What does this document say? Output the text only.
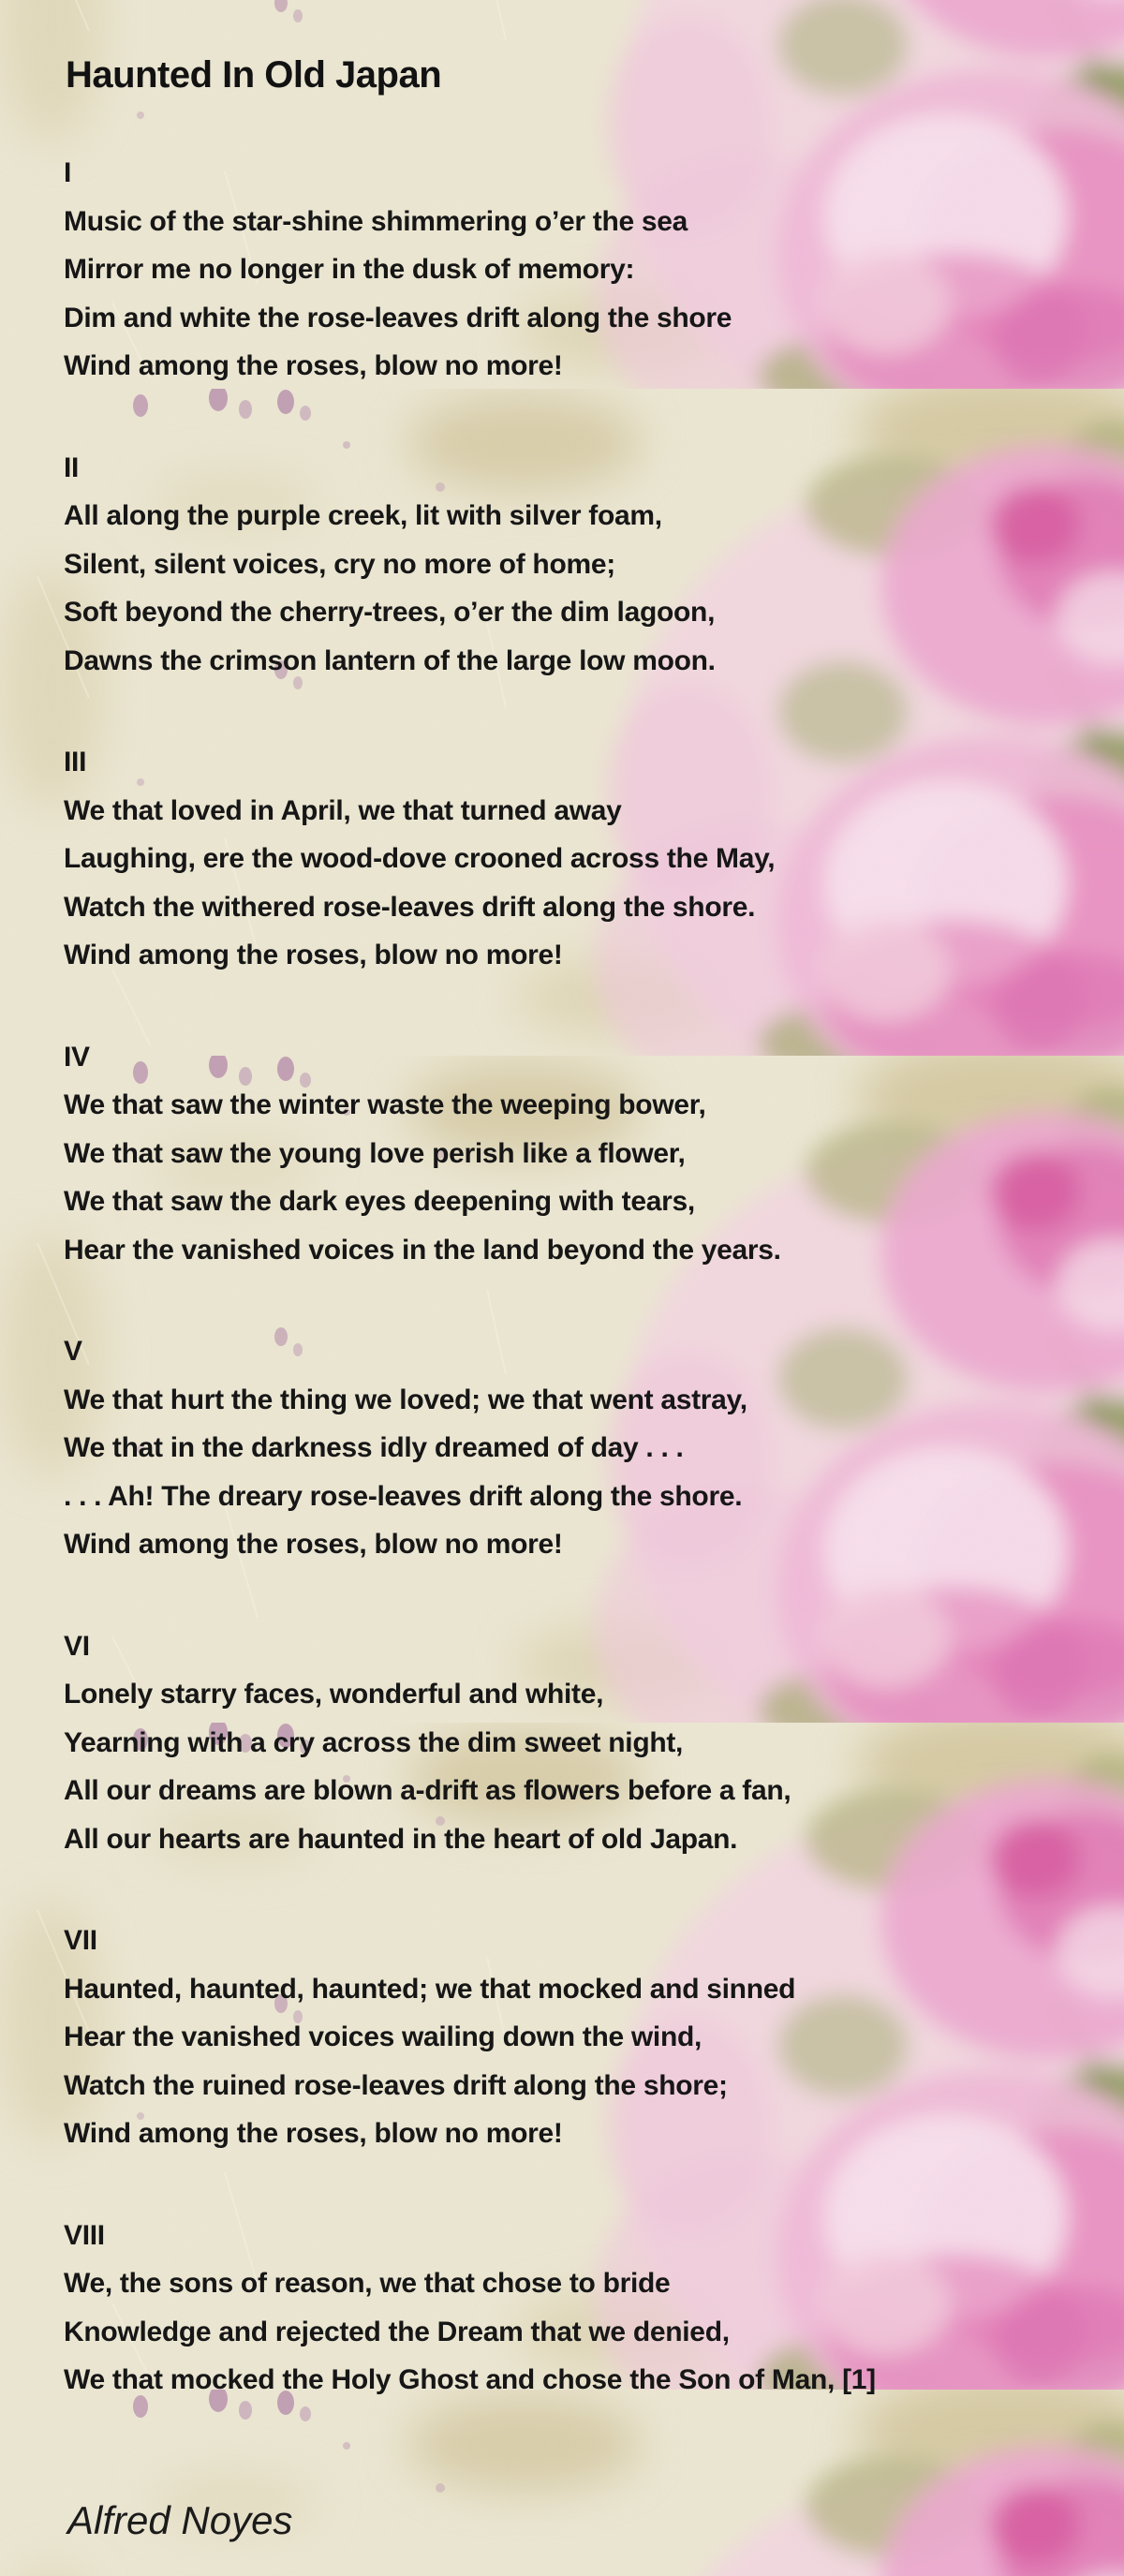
Haunted In Old Japan
I
Music of the star-shine shimmering o’er the sea
Mirror me no longer in the dusk of memory:
Dim and white the rose-leaves drift along the shore
Wind among the roses, blow no more!
II
All along the purple creek, lit with silver foam,
Silent, silent voices, cry no more of home;
Soft beyond the cherry-trees, o’er the dim lagoon,
Dawns the crimson lantern of the large low moon.
III
We that loved in April, we that turned away
Laughing, ere the wood-dove crooned across the May,
Watch the withered rose-leaves drift along the shore.
Wind among the roses, blow no more!
IV
We that saw the winter waste the weeping bower,
We that saw the young love perish like a flower,
We that saw the dark eyes deepening with tears,
Hear the vanished voices in the land beyond the years.
V
We that hurt the thing we loved; we that went astray,
We that in the darkness idly dreamed of day . . .
. . . Ah! The dreary rose-leaves drift along the shore.
Wind among the roses, blow no more!
VI
Lonely starry faces, wonderful and white,
Yearning with a cry across the dim sweet night,
All our dreams are blown a-drift as flowers before a fan,
All our hearts are haunted in the heart of old Japan.
VII
Haunted, haunted, haunted; we that mocked and sinned
Hear the vanished voices wailing down the wind,
Watch the ruined rose-leaves drift along the shore;
Wind among the roses, blow no more!
VIII
We, the sons of reason, we that chose to bride
Knowledge and rejected the Dream that we denied,
We that mocked the Holy Ghost and chose the Son of Man, [1]
Alfred Noyes
